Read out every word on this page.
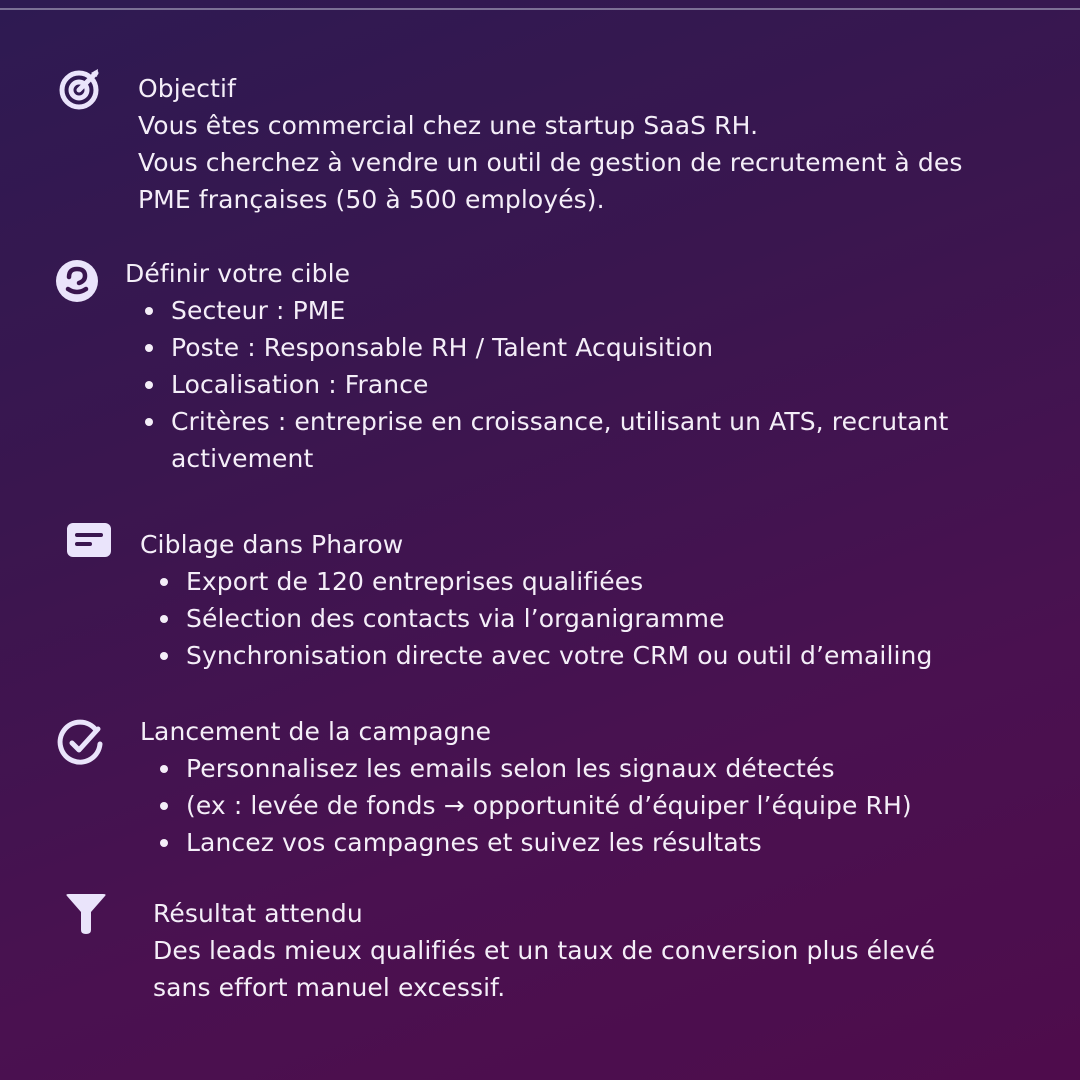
Objectif

Vous êtes commercial chez une startup SaaS RH.

Vous cherchez à vendre un outil de gestion de recrutement à des

PME françaises (50 à 500 employés).

Définir votre cible

Secteur : PME
Poste : Responsable RH / Talent Acquisition
Localisation : France
Critères : entreprise en croissance, utilisant un ATS, recrutant

activement

Ciblage dans Pharow

Export de 120 entreprises qualifiées
Sélection des contacts via l’organigramme
Synchronisation directe avec votre CRM ou outil d’emailing

Lancement de la campagne

Personnalisez les emails selon les signaux détectés
(ex : levée de fonds → opportunité d’équiper l’équipe RH)
Lancez vos campagnes et suivez les résultats

Résultat attendu

Des leads mieux qualifiés et un taux de conversion plus élevé

sans effort manuel excessif.
